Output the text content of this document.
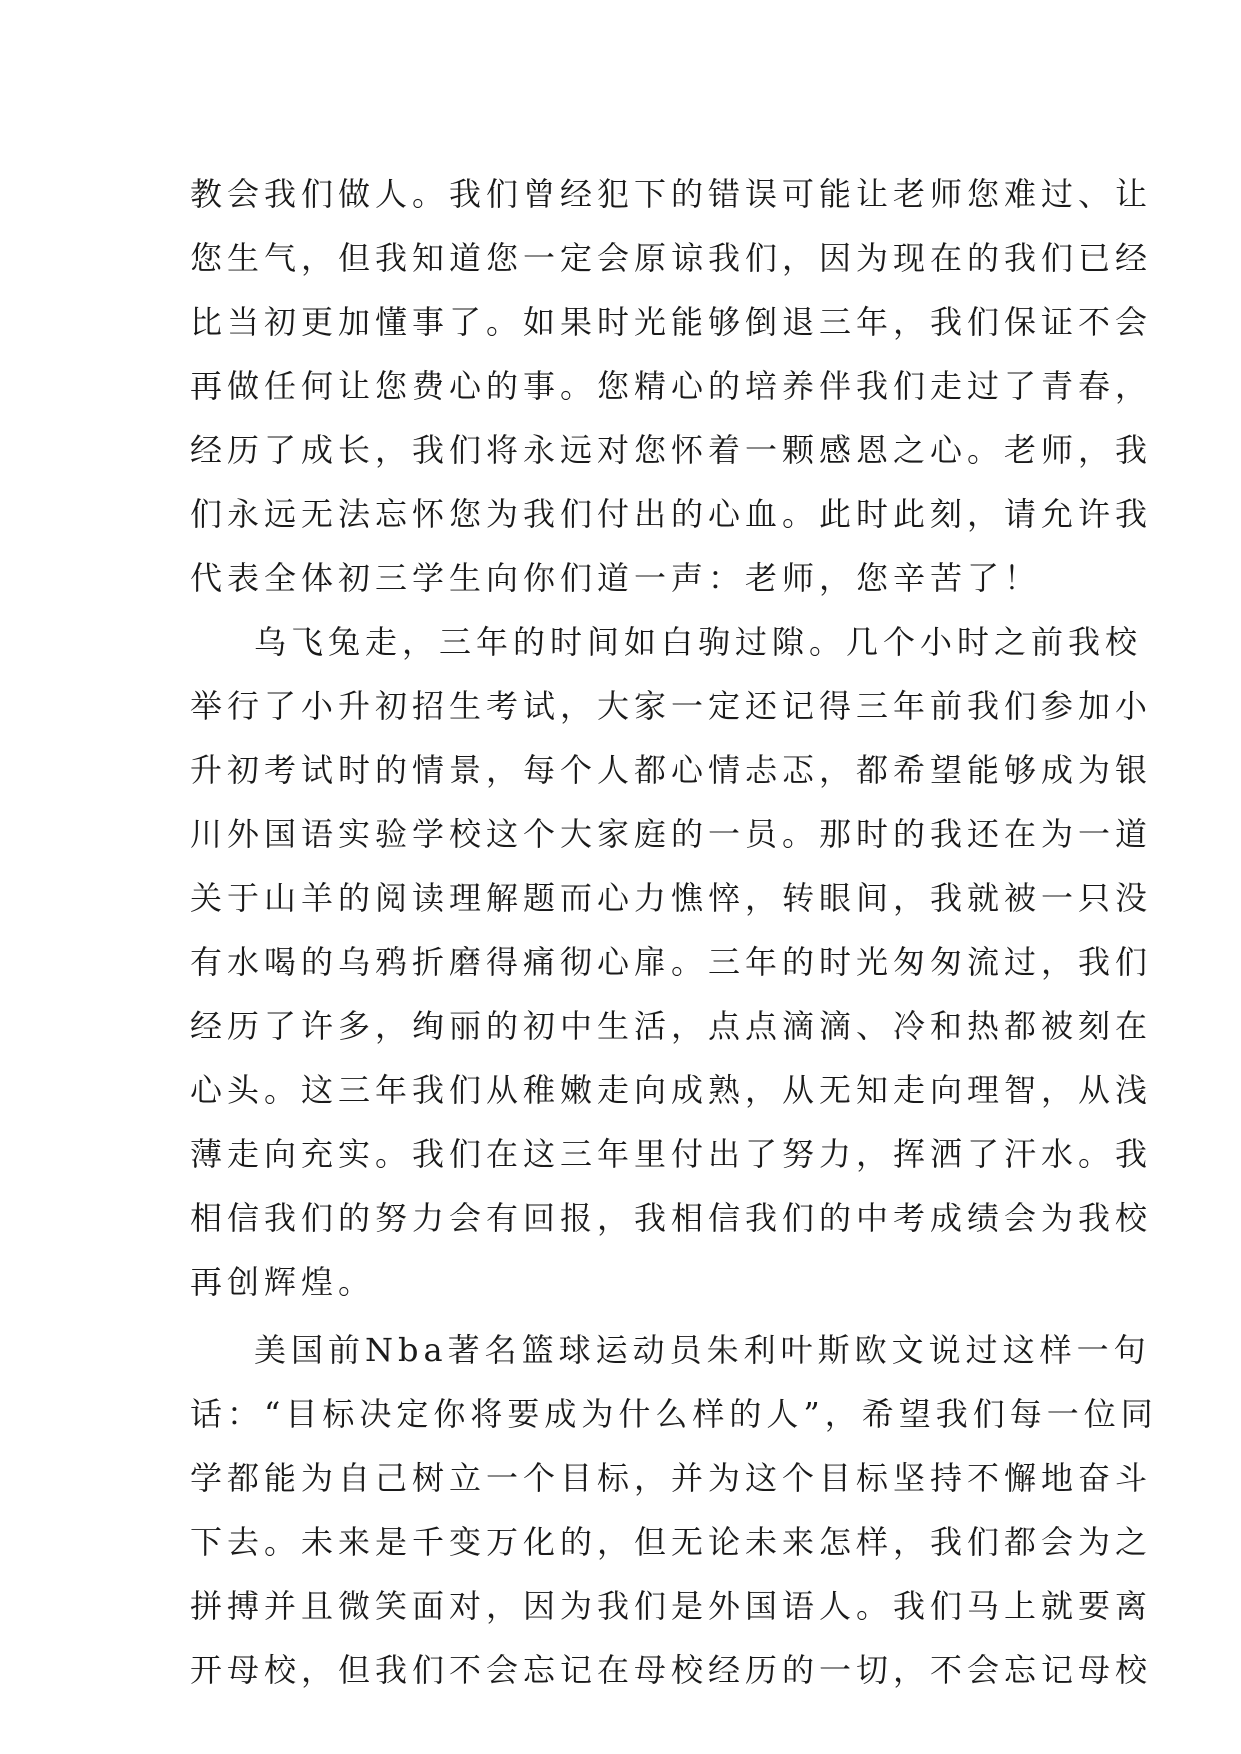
教会我们做人。我们曾经犯下的错误可能让老师您难过、让
您生气，但我知道您一定会原谅我们，因为现在的我们已经
比当初更加懂事了。如果时光能够倒退三年，我们保证不会
再做任何让您费心的事。您精心的培养伴我们走过了青春，
经历了成长，我们将永远对您怀着一颗感恩之心。老师，我
们永远无法忘怀您为我们付出的心血。此时此刻，请允许我
代表全体初三学生向你们道一声：老师，您辛苦了！
乌飞兔走，三年的时间如白驹过隙。几个小时之前我校
举行了小升初招生考试，大家一定还记得三年前我们参加小
升初考试时的情景，每个人都心情忐忑，都希望能够成为银
川外国语实验学校这个大家庭的一员。那时的我还在为一道
关于山羊的阅读理解题而心力憔悴，转眼间，我就被一只没
有水喝的乌鸦折磨得痛彻心扉。三年的时光匆匆流过，我们
经历了许多，绚丽的初中生活，点点滴滴、冷和热都被刻在
心头。这三年我们从稚嫩走向成熟，从无知走向理智，从浅
薄走向充实。我们在这三年里付出了努力，挥洒了汗水。我
相信我们的努力会有回报，我相信我们的中考成绩会为我校
再创辉煌。
美国前Nba著名篮球运动员朱利叶斯欧文说过这样一句
话：“目标决定你将要成为什么样的人”，希望我们每一位同
学都能为自己树立一个目标，并为这个目标坚持不懈地奋斗
下去。未来是千变万化的，但无论未来怎样，我们都会为之
拼搏并且微笑面对，因为我们是外国语人。我们马上就要离
开母校，但我们不会忘记在母校经历的一切，不会忘记母校
